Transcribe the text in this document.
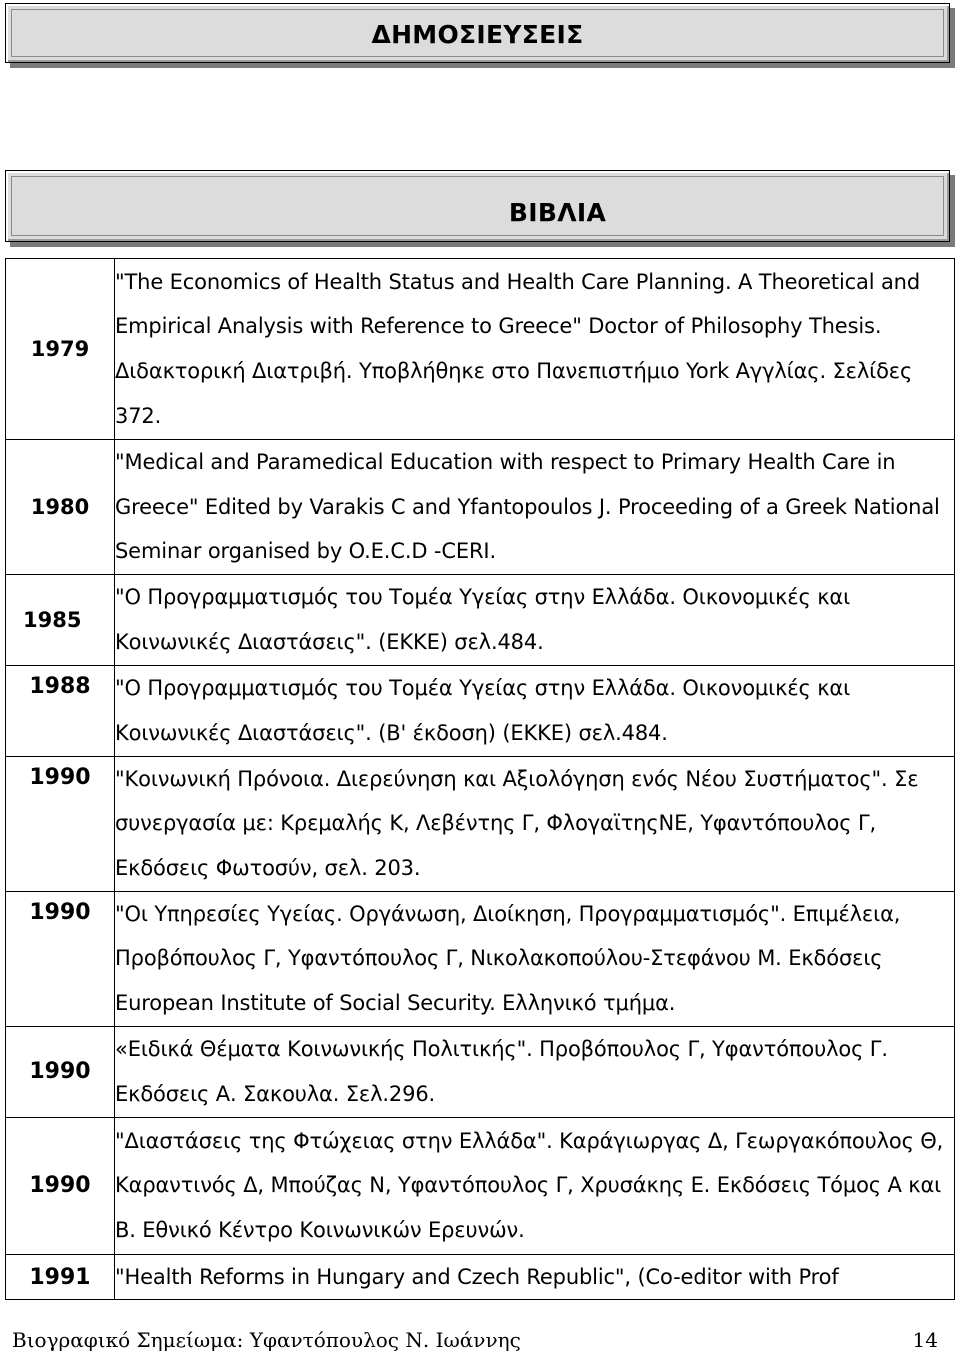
ΔΗΜΟΣΙΕΥΣΕΙΣ
ΒΙΒΛΙΑ
1979	"The Economics of Health Status and Health Care Planning. A Theoretical and Empirical Analysis with Reference to Greece" Doctor of Philosophy Thesis. Διδακτορική Διατριβή. Υποβλήθηκε στο Πανεπιστήμιο York Αγγλίας. Σελίδες 372.
1980	"Medical and Paramedical Education with respect to Primary Health Care in Greece" Edited by Varakis C and Yfantopoulos J. Proceeding of a Greek National Seminar organised by O.E.C.D -CERI.
1985	"Ο Προγραμματισμός του Τομέα Υγείας στην Ελλάδα. Οικονομικές και Κοινωνικές Διαστάσεις". (ΕΚΚΕ) σελ.484.
1988	"Ο Προγραμματισμός του Τομέα Υγείας στην Ελλάδα. Οικονομικές και Κοινωνικές Διαστάσεις". (Β' έκδοση) (ΕΚΚΕ) σελ.484.
1990	"Κοινωνική Πρόνοια. Διερεύνηση και Αξιολόγηση ενός Νέου Συστήματος". Σε συνεργασία με: Κρεμαλής Κ, Λεβέντης Γ, ΦλογαϊτηςΝΕ, Υφαντόπουλος Γ, Εκδόσεις Φωτοσύν, σελ. 203.
1990	"Οι Υπηρεσίες Υγείας. Οργάνωση, Διοίκηση, Προγραμματισμός". Επιμέλεια, Προβόπουλος Γ, Υφαντόπουλος Γ, Νικολακοπούλου-Στεφάνου Μ. Εκδόσεις European Institute of Social Security. Ελληνικό τμήμα.
1990	«Ειδικά Θέματα Κοινωνικής Πολιτικής". Προβόπουλος Γ, Υφαντόπουλος Γ. Εκδόσεις Α. Σακουλα. Σελ.296.
1990	"Διαστάσεις της Φτώχειας στην Ελλάδα". Καράγιωργας Δ, Γεωργακόπουλος Θ, Καραντινός Δ, Μπούζας Ν, Υφαντόπουλος Γ, Χρυσάκης Ε. Εκδόσεις Τόμος Α και Β. Εθνικό Κέντρο Κοινωνικών Ερευνών.
1991	"Health Reforms in Hungary and Czech Republic", (Co-editor with Prof
Βιογραφικό Σημείωμα: Υφαντόπουλος Ν. Ιωάννης	14
